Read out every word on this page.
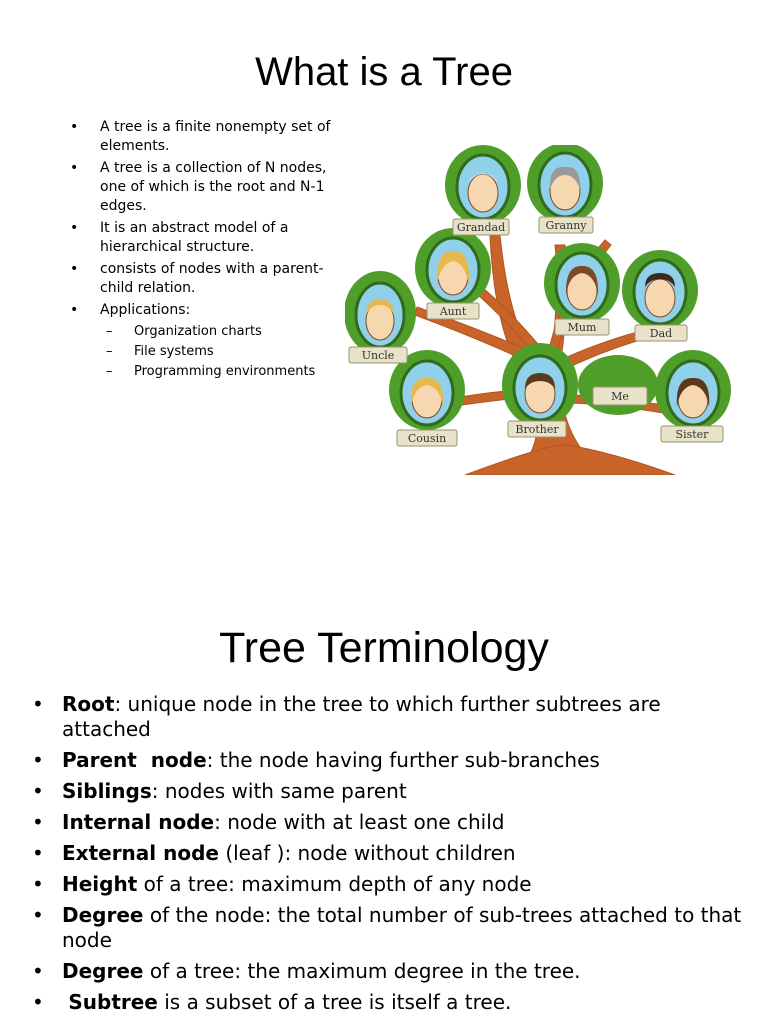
What is a Tree
• A tree is a finite nonempty set of elements.
• A tree is a collection of N nodes, one of which is the root and N-1 edges.
• It is an abstract model of a hierarchical structure.
• consists of nodes with a parent-child relation.
• Applications:
– Organization charts
– File systems
– Programming environments
Grandad	Granny
Aunt
Mum	Dad
Uncle
Me
Cousin
Brother	Sister
Tree Terminology
• Root: unique node in the tree to which further subtrees are attached
• Parent  node: the node having further sub-branches
• Siblings: nodes with same parent
• Internal node: node with at least one child
• External node (leaf ): node without children
• Height of a tree: maximum depth of any node
• Degree of the node: the total number of sub-trees attached to that node
• Degree of a tree: the maximum degree in the tree.
• Subtree is a subset of a tree is itself a tree.
